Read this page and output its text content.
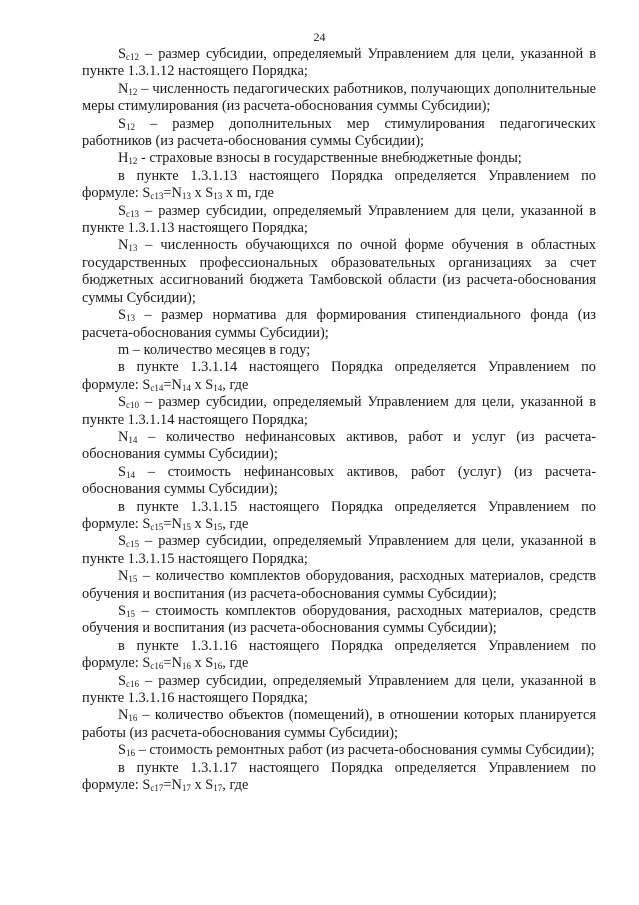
24

$S_{c12}$ – размер субсидии, определяемый Управлением для цели, указанной в пункте 1.3.1.12 настоящего Порядка;

$N_{12}$ – численность педагогических работников, получающих дополнительные меры стимулирования (из расчета-обоснования суммы Субсидии);

$S_{12}$ – размер дополнительных мер стимулирования педагогических работников (из расчета-обоснования суммы Субсидии);

$Н_{12}$ - страховые взносы в государственные внебюджетные фонды;

в пункте 1.3.1.13 настоящего Порядка определяется Управлением по формуле: $S_{c13}=N_{13}$ x $S_{13}$ x m, где

$S_{c13}$ – размер субсидии, определяемый Управлением для цели, указанной в пункте 1.3.1.13 настоящего Порядка;

$N_{13}$ – численность обучающихся по очной форме обучения в областных государственных профессиональных образовательных организациях за счет бюджетных ассигнований бюджета Тамбовской области (из расчета-обоснования суммы Субсидии);

$S_{13}$ – размер норматива для формирования стипендиального фонда (из расчета-обоснования суммы Субсидии);

m – количество месяцев в году;

в пункте 1.3.1.14 настоящего Порядка определяется Управлением по формуле: $S_{c14}=N_{14}$ x $S_{14}$, где

$S_{c10}$ – размер субсидии, определяемый Управлением для цели, указанной в пункте 1.3.1.14 настоящего Порядка;

$N_{14}$ – количество нефинансовых активов, работ и услуг (из расчета-обоснования суммы Субсидии);

$S_{14}$ – стоимость нефинансовых активов, работ (услуг) (из расчета-обоснования суммы Субсидии);

в пункте 1.3.1.15 настоящего Порядка определяется Управлением по формуле: $S_{c15}=N_{15}$ x $S_{15}$, где

$S_{c15}$ – размер субсидии, определяемый Управлением для цели, указанной в пункте 1.3.1.15 настоящего Порядка;

$N_{15}$ – количество комплектов оборудования, расходных материалов, средств обучения и воспитания (из расчета-обоснования суммы Субсидии);

$S_{15}$ – стоимость комплектов оборудования, расходных материалов, средств обучения и воспитания (из расчета-обоснования суммы Субсидии);

в пункте 1.3.1.16 настоящего Порядка определяется Управлением по формуле: $S_{c16}=N_{16}$ x $S_{16}$, где

$S_{c16}$ – размер субсидии, определяемый Управлением для цели, указанной в пункте 1.3.1.16 настоящего Порядка;

$N_{16}$ – количество объектов (помещений), в отношении которых планируется работы (из расчета-обоснования суммы Субсидии);

$S_{16}$ – стоимость ремонтных работ (из расчета-обоснования суммы Субсидии);

в пункте 1.3.1.17 настоящего Порядка определяется Управлением по формуле: $S_{c17}=N_{17}$ x $S_{17}$, где
